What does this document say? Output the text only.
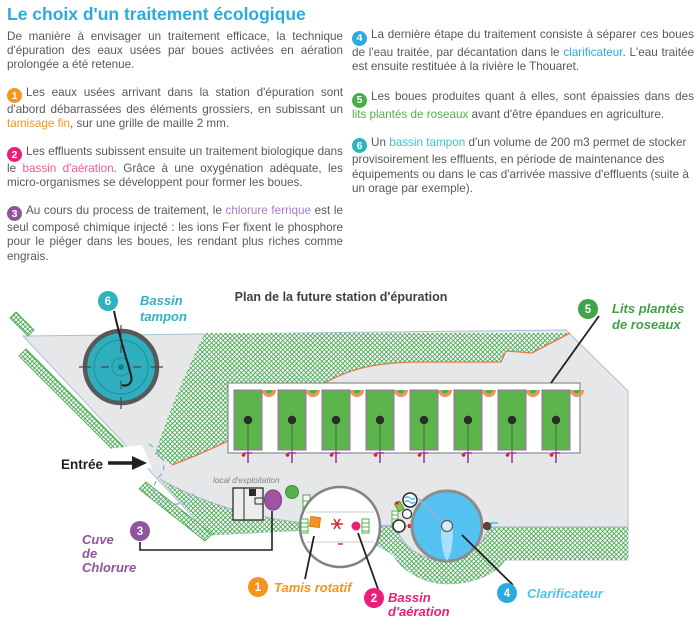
Le choix d'un traitement écologique

De manière à envisager un traitement efficace, la technique d'épuration des eaux usées par boues activées en aération prolongée a été retenue.

1 Les eaux usées arrivant dans la station d'épuration sont d'abord débarrassées des éléments grossiers, en subissant un tamisage fin, sur une grille de maille 2 mm.

2 Les effluents subissent ensuite un traitement biologique dans le bassin d'aération. Grâce à une oxygénation adéquate, les micro-organismes se développent pour former les boues.

3 Au cours du process de traitement, le chlorure ferrique est le seul composé chimique injecté : les ions Fer fixent le phosphore pour le piéger dans les boues, les rendant plus riches comme engrais.

4 La dernière étape du traitement consiste à séparer ces boues de l'eau traitée, par décantation dans le clarificateur. L'eau traitée est ensuite restituée à la rivière le Thouaret.

5 Les boues produites quant à elles, sont épaissies dans des lits plantés de roseaux avant d'être épandues en agriculture.

6 Un bassin tampon d'un volume de 200 m3 permet de stocker provisoirement les effluents, en période de maintenance des équipements ou dans le cas d'arrivée massive d'effluents (suite à un orage par exemple).

Entrée
local d'exploitation
Plan de la future station d'épuration
6 Bassin
tampon	5 Lits plantés
de roseaux
3
Cuve
de
Chlorure
1 Tamis rotatif
2 Bassin
d'aération
4 Clarificateur
